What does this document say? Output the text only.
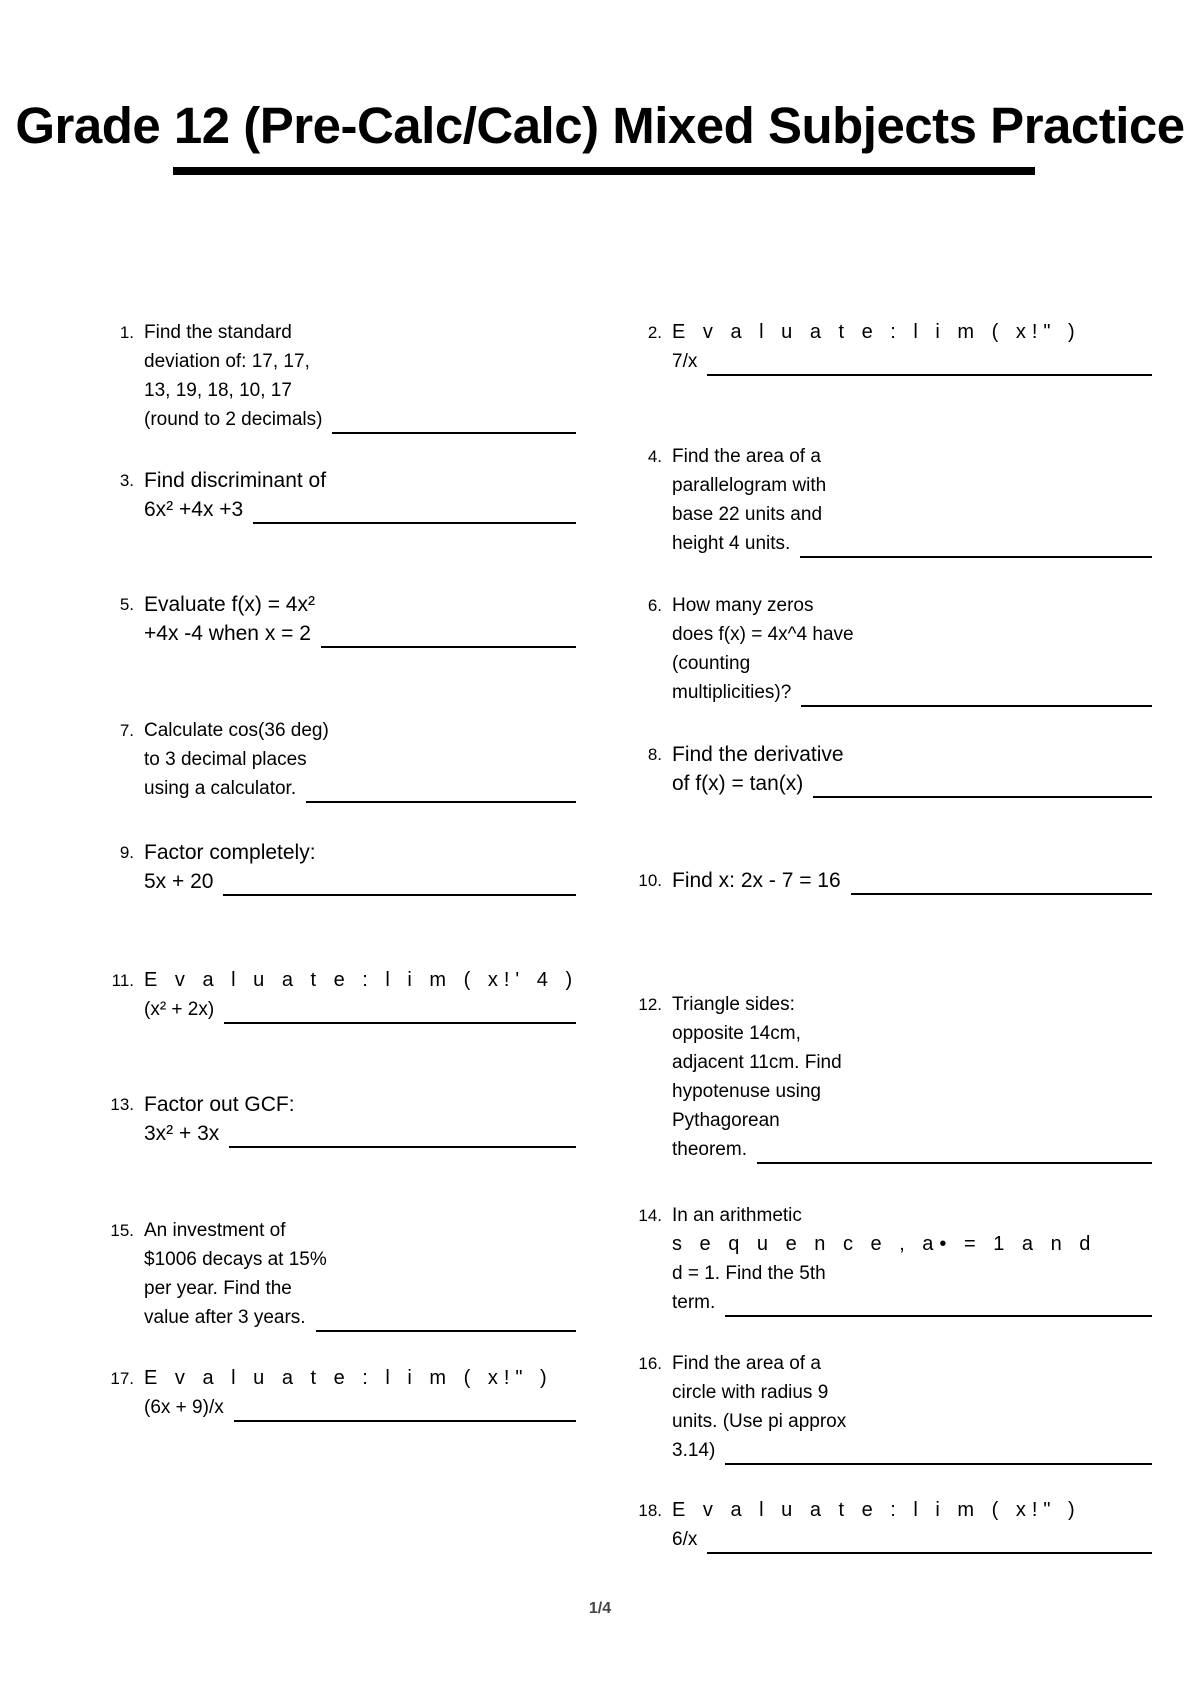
Grade 12 (Pre-Calc/Calc) Mixed Subjects Practice
1. Find the standard
deviation of: 17, 17,
13, 19, 18, 10, 17
(round to 2 decimals)
2. E v a l u a t e : l i m ( x!" )
7/x
3. Find discriminant of
6x² +4x +3
4. Find the area of a
parallelogram with
base 22 units and
height 4 units.
5. Evaluate f(x) = 4x²
+4x -4 when x = 2
6. How many zeros
does f(x) = 4x^4 have
(counting
multiplicities)?
7. Calculate cos(36 deg)
to 3 decimal places
using a calculator.
8. Find the derivative
of f(x) = tan(x)
9. Factor completely:
5x + 20	10. Find x: 2x - 7 = 16
11. E v a l u a t e : l i m ( x!' 4 )
(x² + 2x)	12. Triangle sides:
opposite 14cm,
adjacent 11cm. Find
hypotenuse using
Pythagorean
theorem.
13. Factor out GCF:
3x² + 3x
14. In an arithmetic
s e q u e n c e , a• = 1 a n d
d = 1. Find the 5th
term.
15. An investment of
$1006 decays at 15%
per year. Find the
value after 3 years.
16. Find the area of a
circle with radius 9
units. (Use pi approx
3.14)
17. E v a l u a t e : l i m ( x!" )
(6x + 9)/x
18. E v a l u a t e : l i m ( x!" )
6/x
1/4
